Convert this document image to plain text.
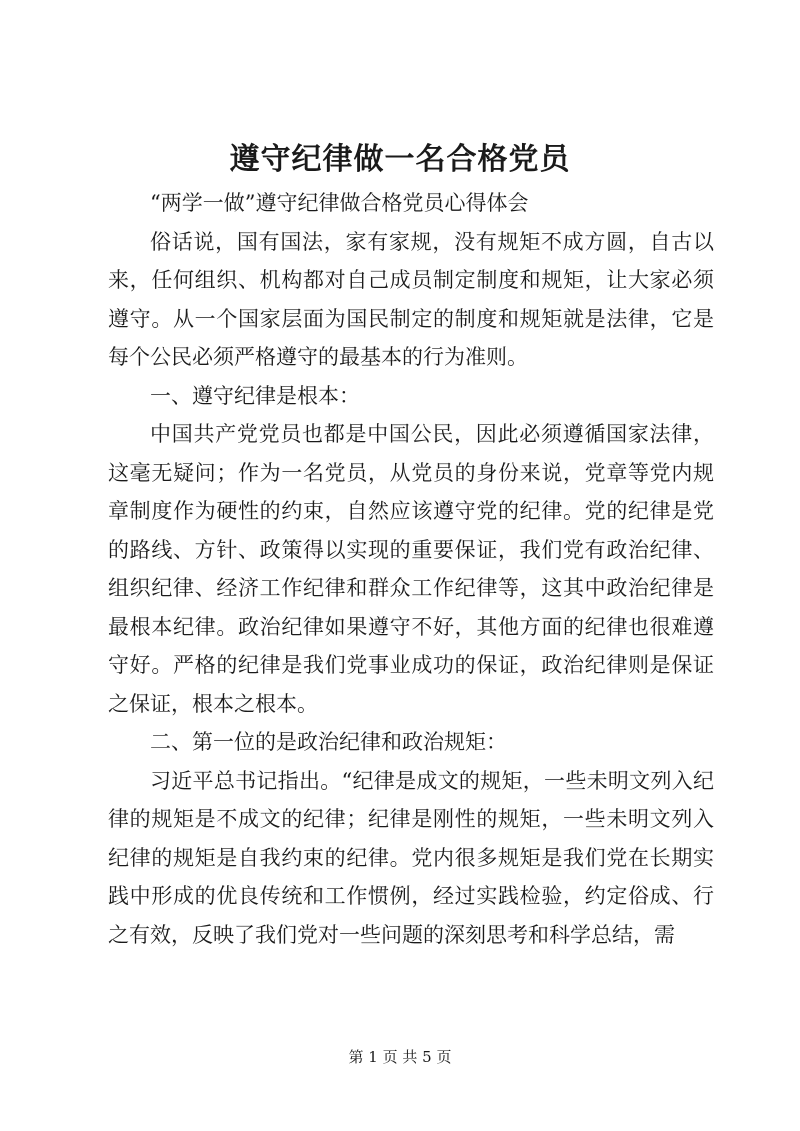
遵守纪律做一名合格党员

“两学一做”遵守纪律做合格党员心得体会

俗话说，国有国法，家有家规，没有规矩不成方圆，自古以来，任何组织、机构都对自己成员制定制度和规矩，让大家必须遵守。从一个国家层面为国民制定的制度和规矩就是法律，它是每个公民必须严格遵守的最基本的行为准则。

一、遵守纪律是根本：

中国共产党党员也都是中国公民，因此必须遵循国家法律，这毫无疑问；作为一名党员，从党员的身份来说，党章等党内规章制度作为硬性的约束，自然应该遵守党的纪律。党的纪律是党的路线、方针、政策得以实现的重要保证，我们党有政治纪律、组织纪律、经济工作纪律和群众工作纪律等，这其中政治纪律是最根本纪律。政治纪律如果遵守不好，其他方面的纪律也很难遵守好。严格的纪律是我们党事业成功的保证，政治纪律则是保证之保证，根本之根本。

二、第一位的是政治纪律和政治规矩：

习近平总书记指出。“纪律是成文的规矩，一些未明文列入纪律的规矩是不成文的纪律；纪律是刚性的规矩，一些未明文列入纪律的规矩是自我约束的纪律。党内很多规矩是我们党在长期实践中形成的优良传统和工作惯例，经过实践检验，约定俗成、行之有效，反映了我们党对一些问题的深刻思考和科学总结，需

第 1 页 共 5 页
